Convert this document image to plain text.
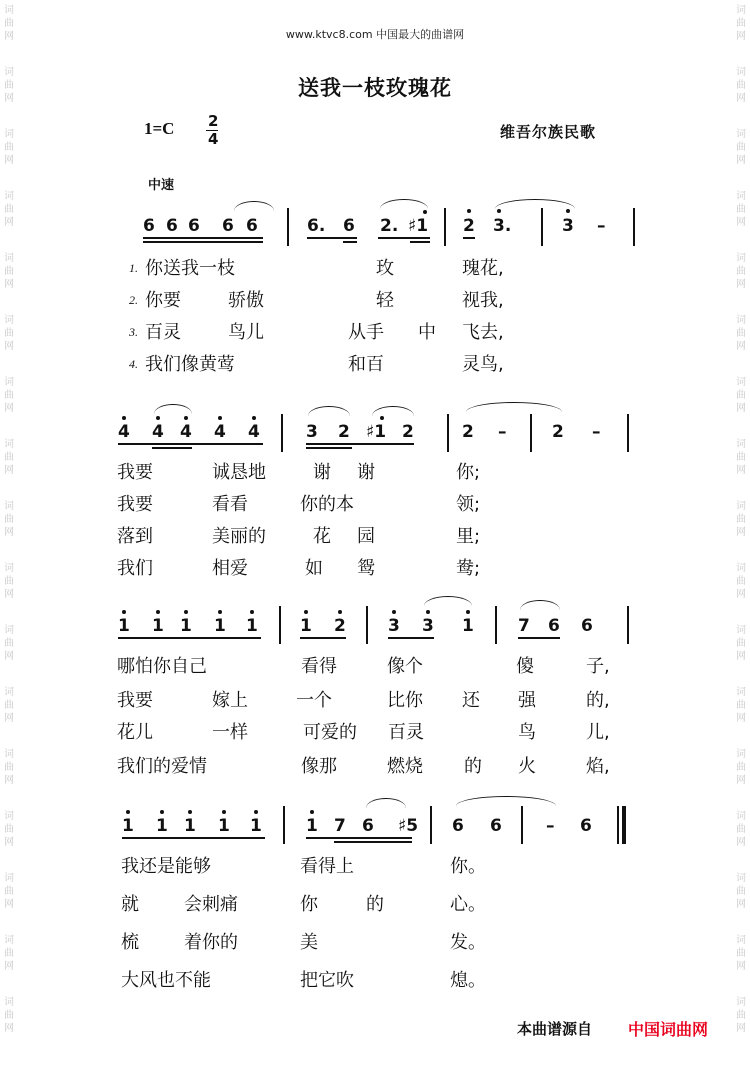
词曲网
词曲网
词曲网
词曲网
词曲网
词曲网
词曲网
词曲网
词曲网
词曲网
词曲网
词曲网
词曲网
词曲网
词曲网
词曲网
词曲网
词曲网
词曲网
词曲网
词曲网
词曲网
词曲网
词曲网
词曲网
词曲网
词曲网
词曲网
词曲网
词曲网
词曲网
词曲网
词曲网
词曲网
www.ktvc8.com 中国最大的曲谱网
送我一枝玫瑰花
1=C 2
4	维吾尔族民歌
中速
6 6 6 6 6	6. 6 2. ♯1 2 3.	3 –
1. 你送我一枝	玫	瑰花,
2. 你要	骄傲	轻	视我,
3. 百灵	鸟儿	从手 中 飞去,
4. 我们像黄莺	和百	灵鸟,
4 4 4 4 4	3 2 ♯1 2	2 –	2 –
我要	诚恳地	谢 谢	你;
我要	看看	你的本	领;
落到	美丽的	花 园	里;
我们	相爱	如 鸳	鸯;
1 1 1 1 1 1 2 3 3 1	7 6 6
哪怕你自己	看得	像个	傻	子,
我要	嫁上	一个	比你 还 强	的,
花儿	一样	可爱的 百灵	鸟	儿,
我们的爱情	像那	燃烧 的 火	焰,
1 1 1 1 1	1 7 6 ♯5 6 6	– 6
我还是能够	看得上	你。
就	会刺痛	你	的	心。
梳	着你的	美	发。
大风也不能	把它吹	熄。
本曲谱源自 中国词曲网
